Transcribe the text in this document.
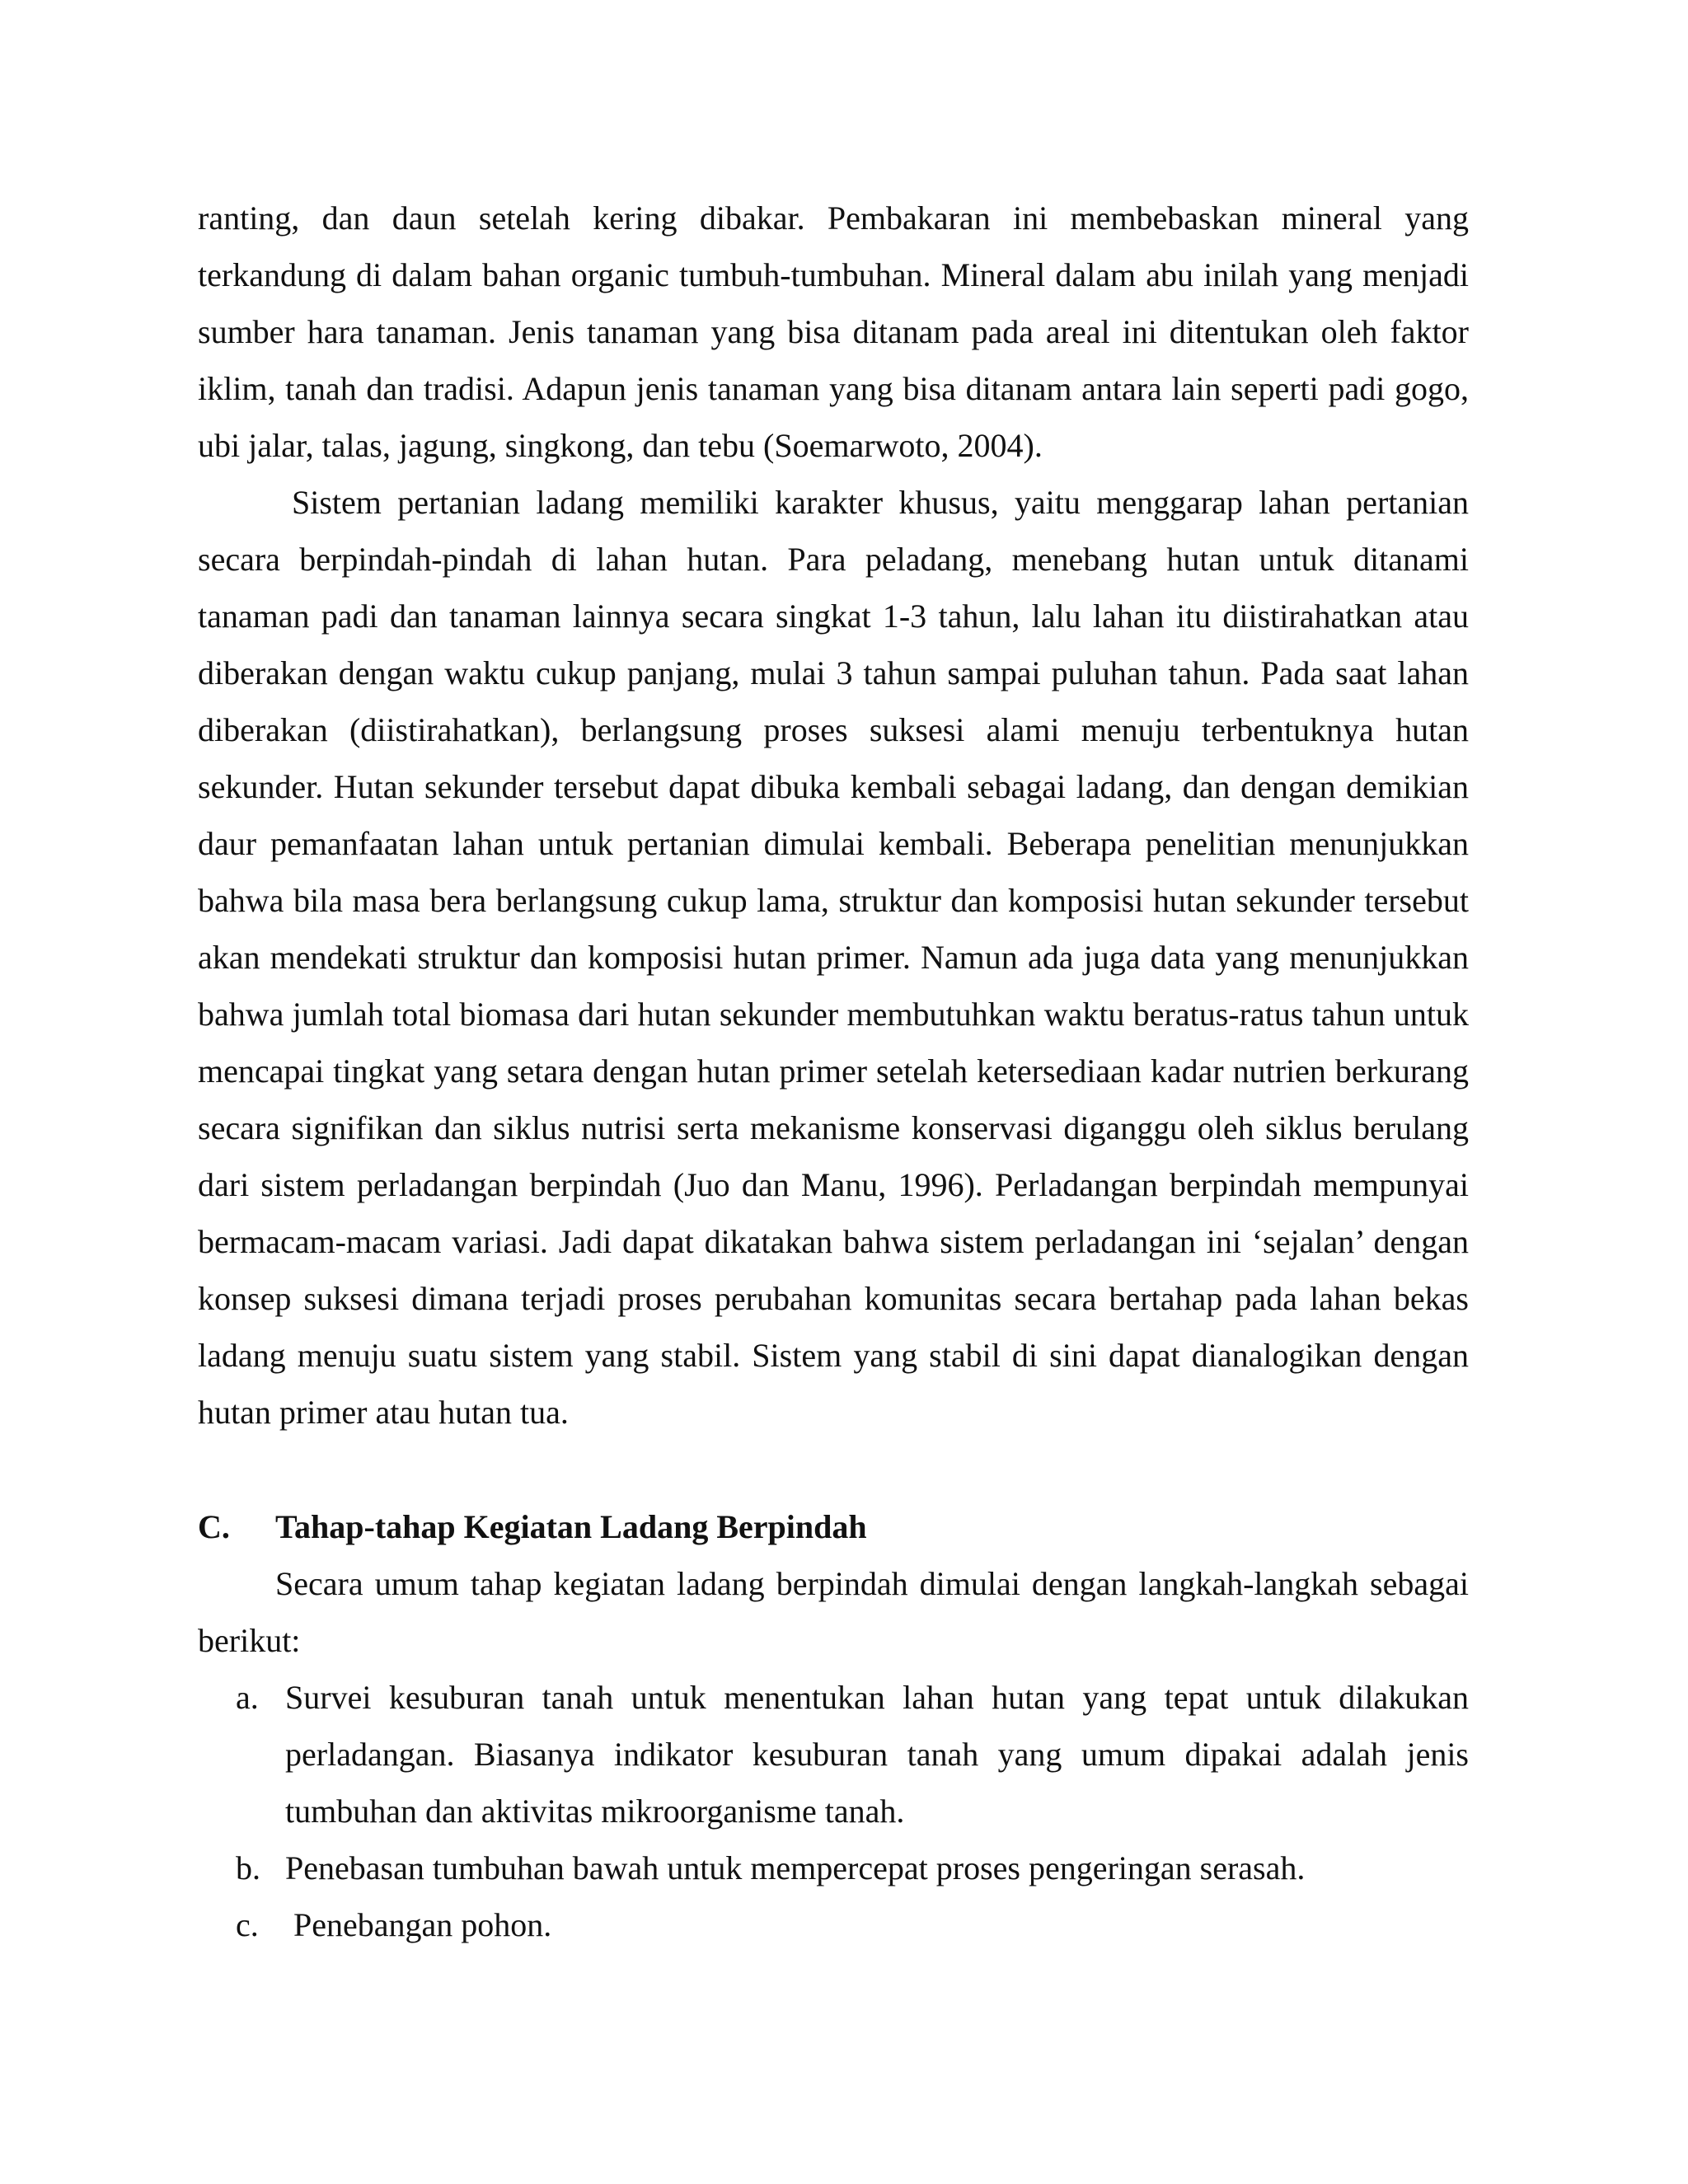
ranting, dan daun setelah kering dibakar. Pembakaran ini membebaskan mineral yang terkandung di dalam bahan organic tumbuh-tumbuhan. Mineral dalam abu inilah yang menjadi sumber hara tanaman. Jenis tanaman yang bisa ditanam pada areal ini ditentukan oleh faktor iklim, tanah dan tradisi. Adapun jenis tanaman yang bisa ditanam antara lain seperti padi gogo, ubi jalar, talas, jagung, singkong, dan tebu (Soemarwoto, 2004).

Sistem pertanian ladang memiliki karakter khusus, yaitu menggarap lahan pertanian secara berpindah-pindah di lahan hutan. Para peladang, menebang hutan untuk ditanami tanaman padi dan tanaman lainnya secara singkat 1-3 tahun, lalu lahan itu diistirahatkan atau diberakan dengan waktu cukup panjang, mulai 3 tahun sampai puluhan tahun. Pada saat lahan diberakan (diistirahatkan), berlangsung proses suksesi alami menuju terbentuknya hutan sekunder. Hutan sekunder tersebut dapat dibuka kembali sebagai ladang, dan dengan demikian daur pemanfaatan lahan untuk pertanian dimulai kembali. Beberapa penelitian menunjukkan bahwa bila masa bera berlangsung cukup lama, struktur dan komposisi hutan sekunder tersebut akan mendekati struktur dan komposisi hutan primer. Namun ada juga data yang menunjukkan bahwa jumlah total biomasa dari hutan sekunder membutuhkan waktu beratus-ratus tahun untuk mencapai tingkat yang setara dengan hutan primer setelah ketersediaan kadar nutrien berkurang secara signifikan dan siklus nutrisi serta mekanisme konservasi diganggu oleh siklus berulang dari sistem perladangan berpindah (Juo dan Manu, 1996). Perladangan berpindah mempunyai bermacam-macam variasi. Jadi dapat dikatakan bahwa sistem perladangan ini ‘sejalan’ dengan konsep suksesi dimana terjadi proses perubahan komunitas secara bertahap pada lahan bekas ladang menuju suatu sistem yang stabil. Sistem yang stabil di sini dapat dianalogikan dengan hutan primer atau hutan tua.

C.	Tahap-tahap Kegiatan Ladang Berpindah

Secara umum tahap kegiatan ladang berpindah dimulai dengan langkah-langkah sebagai berikut:

a. Survei kesuburan tanah untuk menentukan lahan hutan yang tepat untuk dilakukan perladangan. Biasanya indikator kesuburan tanah yang umum dipakai adalah jenis tumbuhan dan aktivitas mikroorganisme tanah.
b. Penebasan tumbuhan bawah untuk mempercepat proses pengeringan serasah.
c.	Penebangan pohon.
